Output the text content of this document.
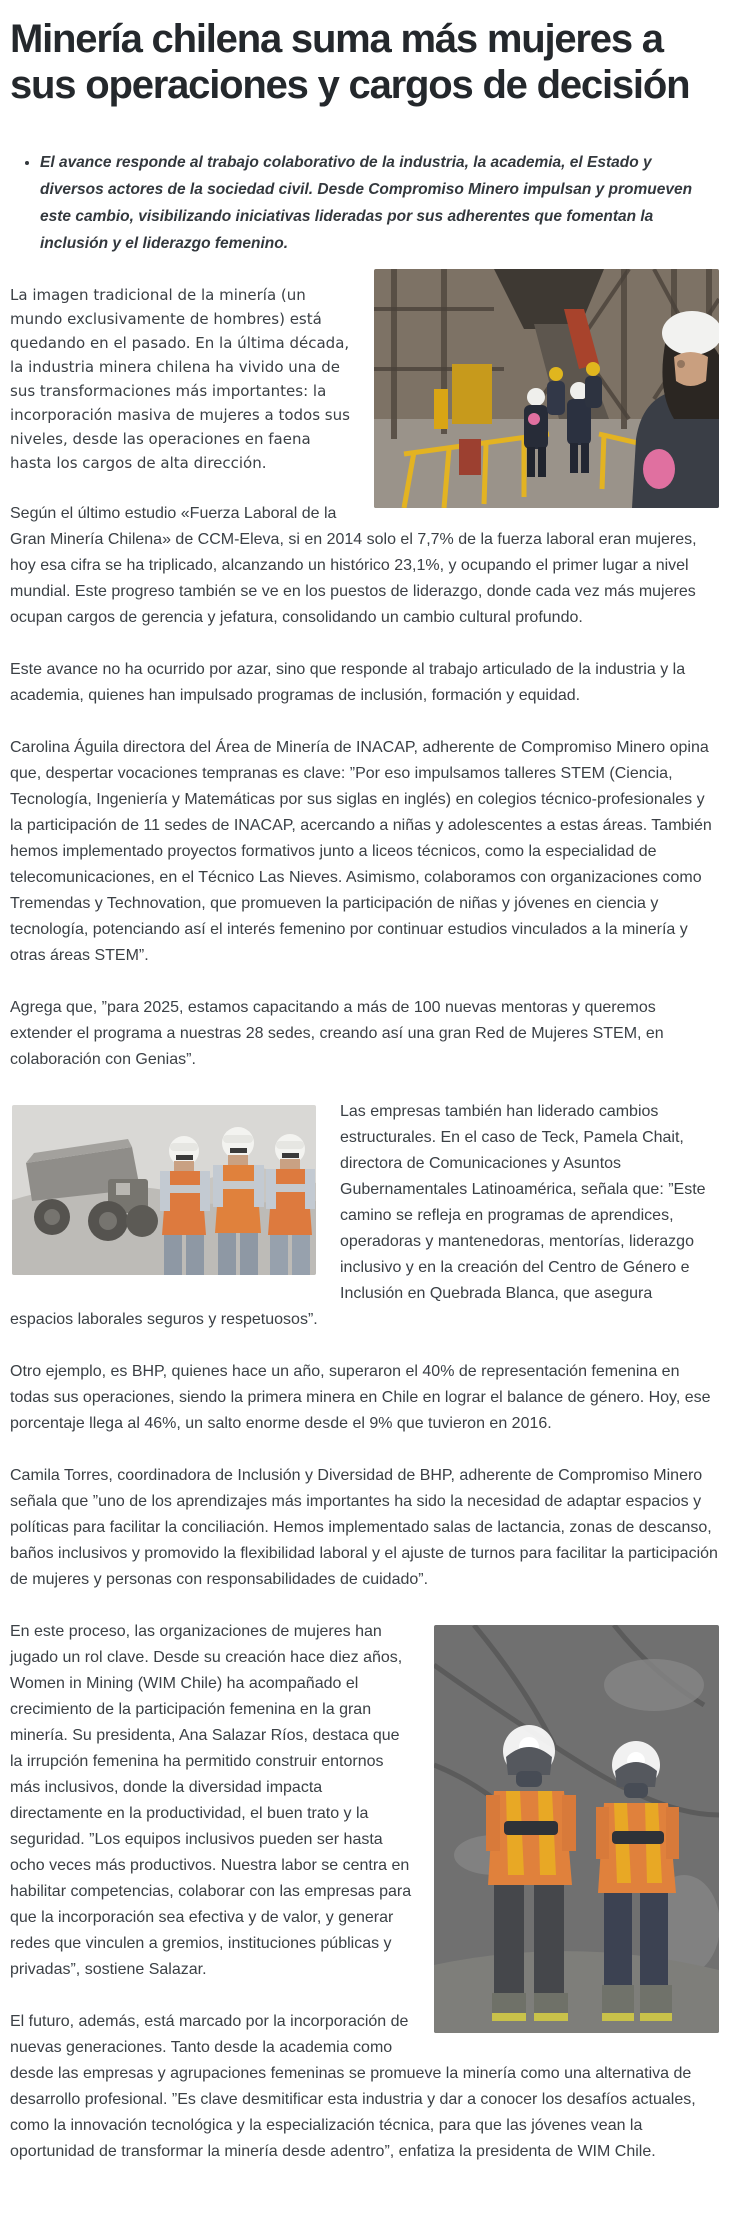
Minería chilena suma más mujeres a sus operaciones y cargos de decisión
• El avance responde al trabajo colaborativo de la industria, la academia, el Estado y diversos actores de la sociedad civil. Desde Compromiso Minero impulsan y promueven este cambio, visibilizando iniciativas lideradas por sus adherentes que fomentan la inclusión y el liderazgo femenino.

La imagen tradicional de la minería (un mundo exclusivamente de hombres) está quedando en el pasado. En la última década, la industria minera chilena ha vivido una de sus transformaciones más importantes: la incorporación masiva de mujeres a todos sus niveles, desde las operaciones en faena hasta los cargos de alta dirección.

Según el último estudio «Fuerza Laboral de la Gran Minería Chilena» de CCM-Eleva, si en 2014 solo el 7,7% de la fuerza laboral eran mujeres, hoy esa cifra se ha triplicado, alcanzando un histórico 23,1%, y ocupando el primer lugar a nivel mundial. Este progreso también se ve en los puestos de liderazgo, donde cada vez más mujeres ocupan cargos de gerencia y jefatura, consolidando un cambio cultural profundo.

Este avance no ha ocurrido por azar, sino que responde al trabajo articulado de la industria y la academia, quienes han impulsado programas de inclusión, formación y equidad.

Carolina Águila directora del Área de Minería de INACAP, adherente de Compromiso Minero opina que, despertar vocaciones tempranas es clave: ”Por eso impulsamos talleres STEM (Ciencia, Tecnología, Ingeniería y Matemáticas por sus siglas en inglés) en colegios técnico-profesionales y la participación de 11 sedes de INACAP, acercando a niñas y adolescentes a estas áreas. También hemos implementado proyectos formativos junto a liceos técnicos, como la especialidad de telecomunicaciones, en el Técnico Las Nieves. Asimismo, colaboramos con organizaciones como Tremendas y Technovation, que promueven la participación de niñas y jóvenes en ciencia y tecnología, potenciando así el interés femenino por continuar estudios vinculados a la minería y otras áreas STEM”.

Agrega que, ”para 2025, estamos capacitando a más de 100 nuevas mentoras y queremos extender el programa a nuestras 28 sedes, creando así una gran Red de Mujeres STEM, en colaboración con Genias”.

Las empresas también han liderado cambios estructurales. En el caso de Teck, Pamela Chait, directora de Comunicaciones y Asuntos Gubernamentales Latinoamérica, señala que: ”Este camino se refleja en programas de aprendices, operadoras y mantenedoras, mentorías, liderazgo inclusivo y en la creación del Centro de Género e Inclusión en Quebrada Blanca, que asegura espacios laborales seguros y respetuosos”.

Otro ejemplo, es BHP, quienes hace un año, superaron el 40% de representación femenina en todas sus operaciones, siendo la primera minera en Chile en lograr el balance de género. Hoy, ese porcentaje llega al 46%, un salto enorme desde el 9% que tuvieron en 2016.

Camila Torres, coordinadora de Inclusión y Diversidad de BHP, adherente de Compromiso Minero señala que ”uno de los aprendizajes más importantes ha sido la necesidad de adaptar espacios y políticas para facilitar la conciliación. Hemos implementado salas de lactancia, zonas de descanso, baños inclusivos y promovido la flexibilidad laboral y el ajuste de turnos para facilitar la participación de mujeres y personas con responsabilidades de cuidado”.

En este proceso, las organizaciones de mujeres han jugado un rol clave. Desde su creación hace diez años, Women in Mining (WIM Chile) ha acompañado el crecimiento de la participación femenina en la gran minería. Su presidenta, Ana Salazar Ríos, destaca que la irrupción femenina ha permitido construir entornos más inclusivos, donde la diversidad impacta directamente en la productividad, el buen trato y la seguridad. ”Los equipos inclusivos pueden ser hasta ocho veces más productivos. Nuestra labor se centra en habilitar competencias, colaborar con las empresas para que la incorporación sea efectiva y de valor, y generar redes que vinculen a gremios, instituciones públicas y privadas”, sostiene Salazar.

El futuro, además, está marcado por la incorporación de nuevas generaciones. Tanto desde la academia como desde las empresas y agrupaciones femeninas se promueve la minería como una alternativa de desarrollo profesional. ”Es clave desmitificar esta industria y dar a conocer los desafíos actuales, como la innovación tecnológica y la especialización técnica, para que las jóvenes vean la oportunidad de transformar la minería desde adentro”, enfatiza la presidenta de WIM Chile.
